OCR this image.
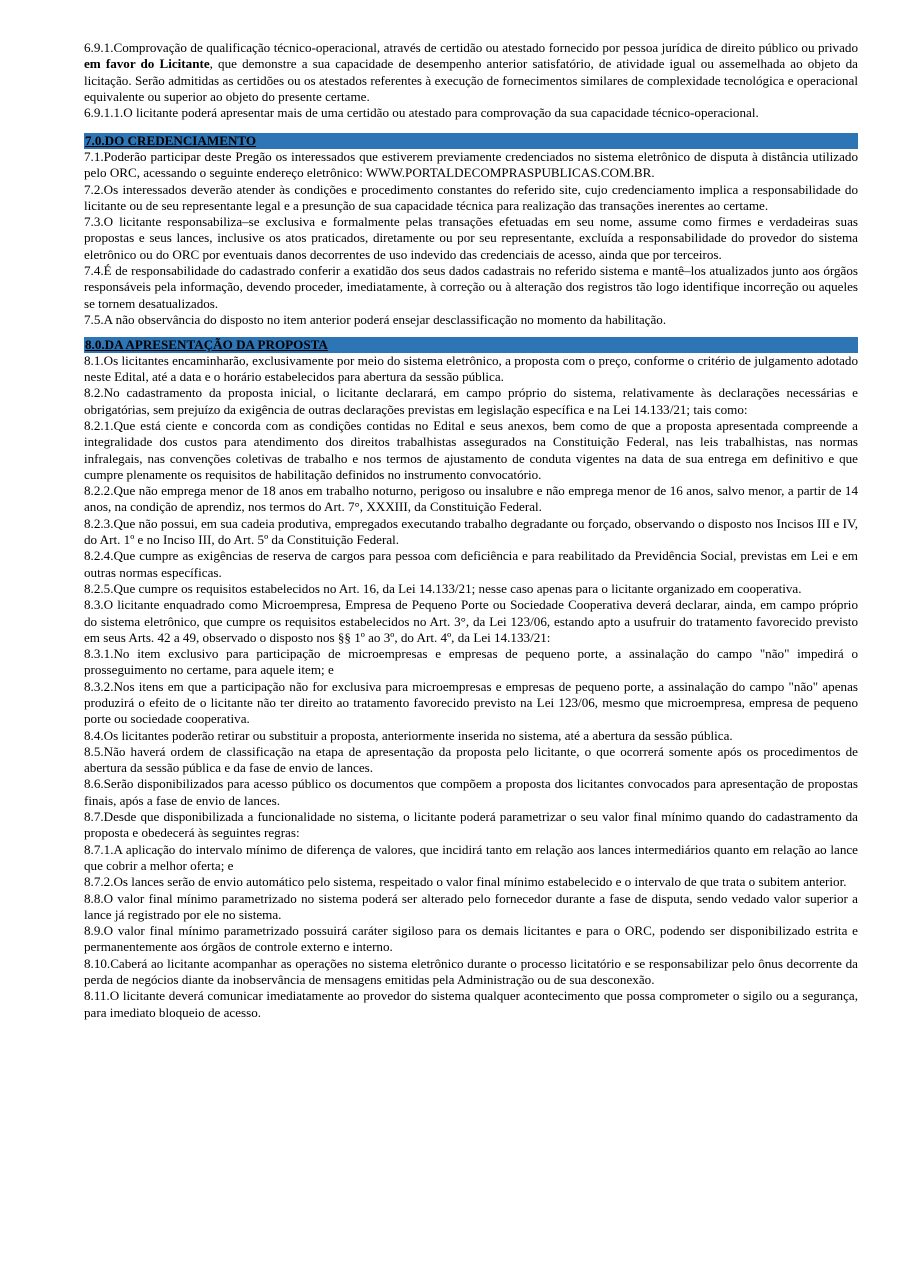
6.9.1.Comprovação de qualificação técnico-operacional, através de certidão ou atestado fornecido por pessoa jurídica de direito público ou privado em favor do Licitante, que demonstre a sua capacidade de desempenho anterior satisfatório, de atividade igual ou assemelhada ao objeto da licitação. Serão admitidas as certidões ou os atestados referentes à execução de fornecimentos similares de complexidade tecnológica e operacional equivalente ou superior ao objeto do presente certame.

6.9.1.1.O licitante poderá apresentar mais de uma certidão ou atestado para comprovação da sua capacidade técnico-operacional.

7.0.DO CREDENCIAMENTO

7.1.Poderão participar deste Pregão os interessados que estiverem previamente credenciados no sistema eletrônico de disputa à distância utilizado pelo ORC, acessando o seguinte endereço eletrônico: WWW.PORTALDECOMPRASPUBLICAS.COM.BR.

7.2.Os interessados deverão atender às condições e procedimento constantes do referido site, cujo credenciamento implica a responsabilidade do licitante ou de seu representante legal e a presunção de sua capacidade técnica para realização das transações inerentes ao certame.

7.3.O licitante responsabiliza–se exclusiva e formalmente pelas transações efetuadas em seu nome, assume como firmes e verdadeiras suas propostas e seus lances, inclusive os atos praticados, diretamente ou por seu representante, excluída a responsabilidade do provedor do sistema eletrônico ou do ORC por eventuais danos decorrentes de uso indevido das credenciais de acesso, ainda que por terceiros.

7.4.É de responsabilidade do cadastrado conferir a exatidão dos seus dados cadastrais no referido sistema e mantê–los atualizados junto aos órgãos responsáveis pela informação, devendo proceder, imediatamente, à correção ou à alteração dos registros tão logo identifique incorreção ou aqueles se tornem desatualizados.

7.5.A não observância do disposto no item anterior poderá ensejar desclassificação no momento da habilitação.

8.0.DA APRESENTAÇÃO DA PROPOSTA

8.1.Os licitantes encaminharão, exclusivamente por meio do sistema eletrônico, a proposta com o preço, conforme o critério de julgamento adotado neste Edital, até a data e o horário estabelecidos para abertura da sessão pública.

8.2.No cadastramento da proposta inicial, o licitante declarará, em campo próprio do sistema, relativamente às declarações necessárias e obrigatórias, sem prejuízo da exigência de outras declarações previstas em legislação específica e na Lei 14.133/21; tais como:

8.2.1.Que está ciente e concorda com as condições contidas no Edital e seus anexos, bem como de que a proposta apresentada compreende a integralidade dos custos para atendimento dos direitos trabalhistas assegurados na Constituição Federal, nas leis trabalhistas, nas normas infralegais, nas convenções coletivas de trabalho e nos termos de ajustamento de conduta vigentes na data de sua entrega em definitivo e que cumpre plenamente os requisitos de habilitação definidos no instrumento convocatório.

8.2.2.Que não emprega menor de 18 anos em trabalho noturno, perigoso ou insalubre e não emprega menor de 16 anos, salvo menor, a partir de 14 anos, na condição de aprendiz, nos termos do Art. 7°, XXXIII, da Constituição Federal.

8.2.3.Que não possui, em sua cadeia produtiva, empregados executando trabalho degradante ou forçado, observando o disposto nos Incisos III e IV, do Art. 1º e no Inciso III, do Art. 5º da Constituição Federal.

8.2.4.Que cumpre as exigências de reserva de cargos para pessoa com deficiência e para reabilitado da Previdência Social, previstas em Lei e em outras normas específicas.

8.2.5.Que cumpre os requisitos estabelecidos no Art. 16, da Lei 14.133/21; nesse caso apenas para o licitante organizado em cooperativa.

8.3.O licitante enquadrado como Microempresa, Empresa de Pequeno Porte ou Sociedade Cooperativa deverá declarar, ainda, em campo próprio do sistema eletrônico, que cumpre os requisitos estabelecidos no Art. 3°, da Lei 123/06, estando apto a usufruir do tratamento favorecido previsto em seus Arts. 42 a 49, observado o disposto nos §§ 1º ao 3º, do Art. 4º, da Lei 14.133/21:

8.3.1.No item exclusivo para participação de microempresas e empresas de pequeno porte, a assinalação do campo "não" impedirá o prosseguimento no certame, para aquele item; e

8.3.2.Nos itens em que a participação não for exclusiva para microempresas e empresas de pequeno porte, a assinalação do campo "não" apenas produzirá o efeito de o licitante não ter direito ao tratamento favorecido previsto na Lei 123/06, mesmo que microempresa, empresa de pequeno porte ou sociedade cooperativa.

8.4.Os licitantes poderão retirar ou substituir a proposta, anteriormente inserida no sistema, até a abertura da sessão pública.

8.5.Não haverá ordem de classificação na etapa de apresentação da proposta pelo licitante, o que ocorrerá somente após os procedimentos de abertura da sessão pública e da fase de envio de lances.

8.6.Serão disponibilizados para acesso público os documentos que compõem a proposta dos licitantes convocados para apresentação de propostas finais, após a fase de envio de lances.

8.7.Desde que disponibilizada a funcionalidade no sistema, o licitante poderá parametrizar o seu valor final mínimo quando do cadastramento da proposta e obedecerá às seguintes regras:

8.7.1.A aplicação do intervalo mínimo de diferença de valores, que incidirá tanto em relação aos lances intermediários quanto em relação ao lance que cobrir a melhor oferta; e

8.7.2.Os lances serão de envio automático pelo sistema, respeitado o valor final mínimo estabelecido e o intervalo de que trata o subitem anterior.

8.8.O valor final mínimo parametrizado no sistema poderá ser alterado pelo fornecedor durante a fase de disputa, sendo vedado valor superior a lance já registrado por ele no sistema.

8.9.O valor final mínimo parametrizado possuirá caráter sigiloso para os demais licitantes e para o ORC, podendo ser disponibilizado estrita e permanentemente aos órgãos de controle externo e interno.

8.10.Caberá ao licitante acompanhar as operações no sistema eletrônico durante o processo licitatório e se responsabilizar pelo ônus decorrente da perda de negócios diante da inobservância de mensagens emitidas pela Administração ou de sua desconexão.

8.11.O licitante deverá comunicar imediatamente ao provedor do sistema qualquer acontecimento que possa comprometer o sigilo ou a segurança, para imediato bloqueio de acesso.
